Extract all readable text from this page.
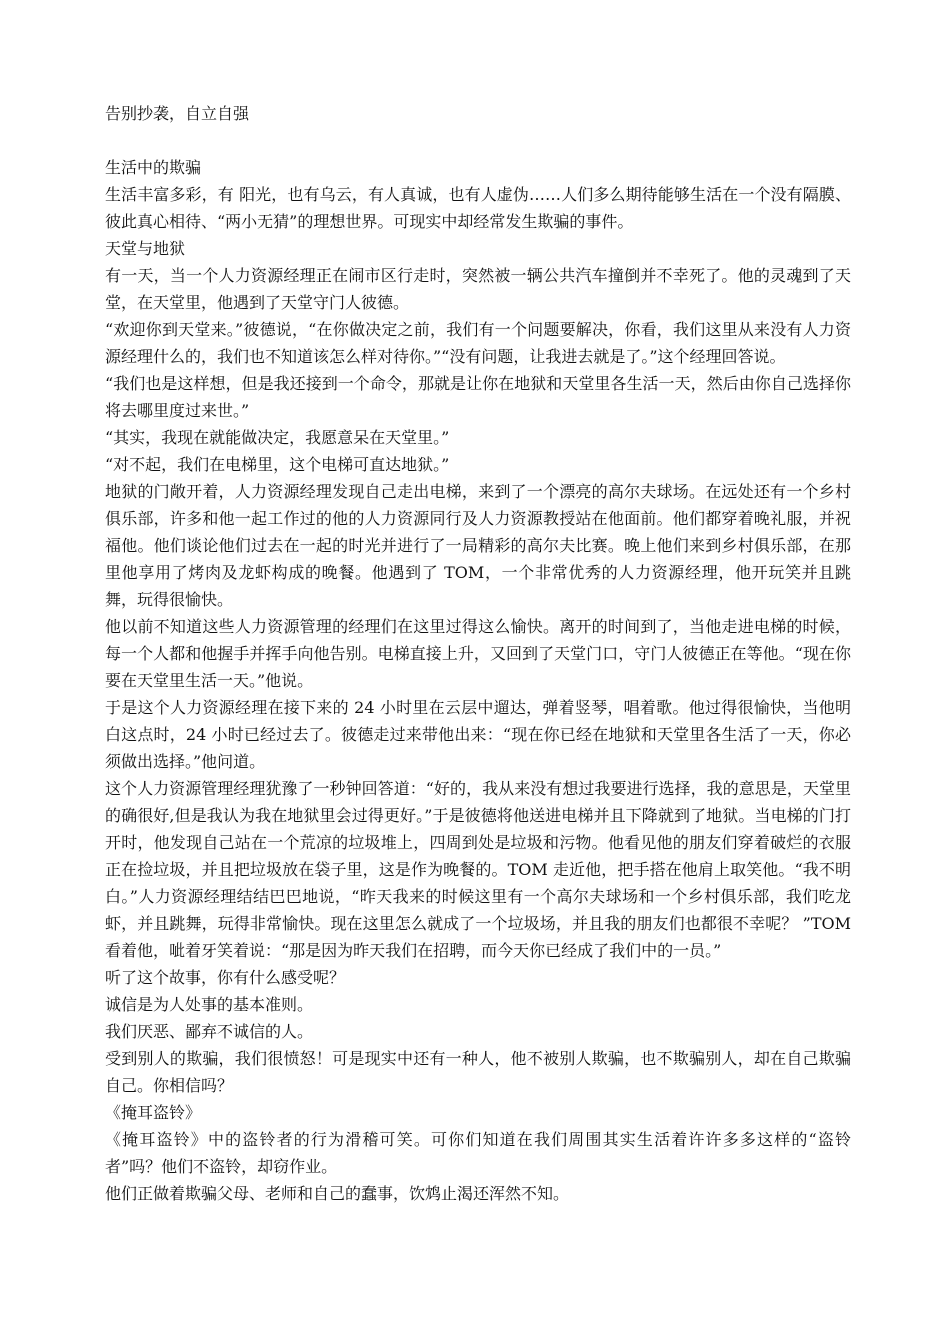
告别抄袭，自立自强

生活中的欺骗

生活丰富多彩，有 阳光，也有乌云，有人真诚，也有人虚伪……人们多么期待能够生活在一个没有隔膜、彼此真心相待、“两小无猜”的理想世界。可现实中却经常发生欺骗的事件。

天堂与地狱

有一天，当一个人力资源经理正在闹市区行走时，突然被一辆公共汽车撞倒并不幸死了。他的灵魂到了天堂，在天堂里，他遇到了天堂守门人彼德。

“欢迎你到天堂来。”彼德说，“在你做决定之前，我们有一个问题要解决，你看，我们这里从来没有人力资源经理什么的，我们也不知道该怎么样对待你。”“没有问题，让我进去就是了。”这个经理回答说。

“我们也是这样想，但是我还接到一个命令，那就是让你在地狱和天堂里各生活一天，然后由你自己选择你将去哪里度过来世。”

“其实，我现在就能做决定，我愿意呆在天堂里。”

“对不起，我们在电梯里，这个电梯可直达地狱。”

地狱的门敞开着，人力资源经理发现自己走出电梯，来到了一个漂亮的高尔夫球场。在远处还有一个乡村俱乐部，许多和他一起工作过的他的人力资源同行及人力资源教授站在他面前。他们都穿着晚礼服，并祝福他。他们谈论他们过去在一起的时光并进行了一局精彩的高尔夫比赛。晚上他们来到乡村俱乐部，在那里他享用了烤肉及龙虾构成的晚餐。他遇到了 TOM，一个非常优秀的人力资源经理，他开玩笑并且跳舞，玩得很愉快。

他以前不知道这些人力资源管理的经理们在这里过得这么愉快。离开的时间到了，当他走进电梯的时候，每一个人都和他握手并挥手向他告别。电梯直接上升，又回到了天堂门口，守门人彼德正在等他。“现在你要在天堂里生活一天。”他说。

于是这个人力资源经理在接下来的 24 小时里在云层中遛达，弹着竖琴，唱着歌。他过得很愉快，当他明白这点时，24 小时已经过去了。彼德走过来带他出来：“现在你已经在地狱和天堂里各生活了一天，你必须做出选择。”他问道。

这个人力资源管理经理犹豫了一秒钟回答道：“好的，我从来没有想过我要进行选择，我的意思是，天堂里的确很好,但是我认为我在地狱里会过得更好。”于是彼德将他送进电梯并且下降就到了地狱。当电梯的门打开时，他发现自己站在一个荒凉的垃圾堆上，四周到处是垃圾和污物。他看见他的朋友们穿着破烂的衣服正在捡垃圾，并且把垃圾放在袋子里，这是作为晚餐的。TOM 走近他，把手搭在他肩上取笑他。“我不明白。”人力资源经理结结巴巴地说，“昨天我来的时候这里有一个高尔夫球场和一个乡村俱乐部，我们吃龙虾，并且跳舞，玩得非常愉快。现在这里怎么就成了一个垃圾场，并且我的朋友们也都很不幸呢？ ”TOM 看着他，呲着牙笑着说：“那是因为昨天我们在招聘，而今天你已经成了我们中的一员。”

听了这个故事，你有什么感受呢？

诚信是为人处事的基本准则。

我们厌恶、鄙弃不诚信的人。

受到别人的欺骗，我们很愤怒！可是现实中还有一种人，他不被别人欺骗，也不欺骗别人，却在自己欺骗自己。你相信吗？

《掩耳盗铃》

《掩耳盗铃》中的盗铃者的行为滑稽可笑。可你们知道在我们周围其实生活着许许多多这样的“盗铃者”吗？他们不盗铃，却窃作业。

他们正做着欺骗父母、老师和自己的蠢事，饮鸩止渴还浑然不知。
